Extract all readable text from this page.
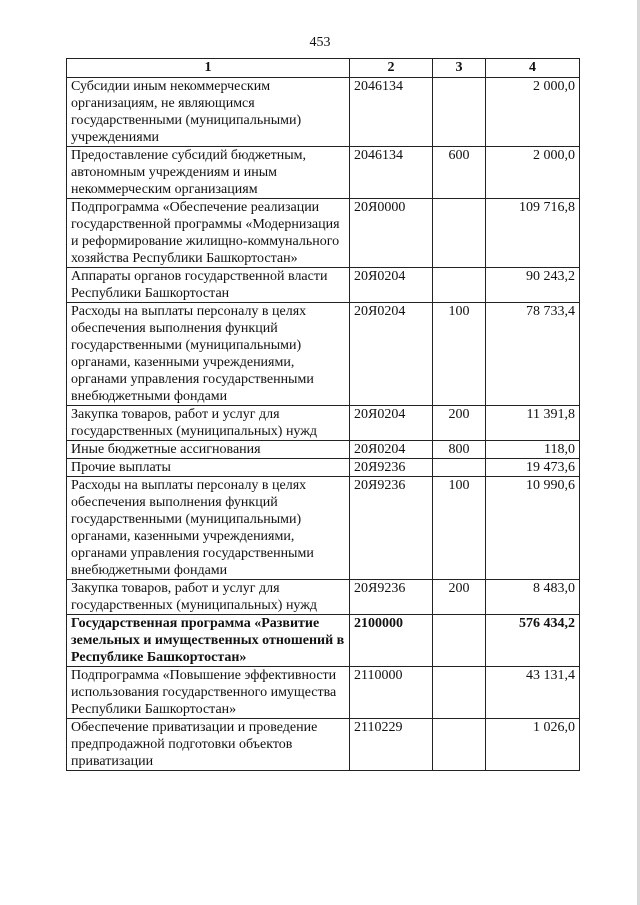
453
1	2	3	4
Субсидии иным некоммерческим организациям, не являющимся государственными (муниципальными) учреждениями	2046134		2 000,0
Предоставление субсидий бюджетным, автономным учреждениям и иным некоммерческим организациям	2046134	600	2 000,0
Подпрограмма «Обеспечение реализации государственной программы «Модернизация и реформирование жилищно-коммунального хозяйства Республики Башкортостан»	20Я0000		109 716,8
Аппараты органов государственной власти Республики Башкортостан	20Я0204		90 243,2
Расходы на выплаты персоналу в целях обеспечения выполнения функций государственными (муниципальными) органами, казенными учреждениями, органами управления государственными внебюджетными фондами	20Я0204	100	78 733,4
Закупка товаров, работ и услуг для государственных (муниципальных) нужд	20Я0204	200	11 391,8
Иные бюджетные ассигнования	20Я0204	800	118,0
Прочие выплаты	20Я9236		19 473,6
Расходы на выплаты персоналу в целях обеспечения выполнения функций государственными (муниципальными) органами, казенными учреждениями, органами управления государственными внебюджетными фондами	20Я9236	100	10 990,6
Закупка товаров, работ и услуг для государственных (муниципальных) нужд	20Я9236	200	8 483,0
Государственная программа «Развитие земельных и имущественных отношений в Республике Башкортостан»	2100000		576 434,2
Подпрограмма «Повышение эффективности использования государственного имущества Республики Башкортостан»	2110000		43 131,4
Обеспечение приватизации и проведение предпродажной подготовки объектов приватизации	2110229		1 026,0
